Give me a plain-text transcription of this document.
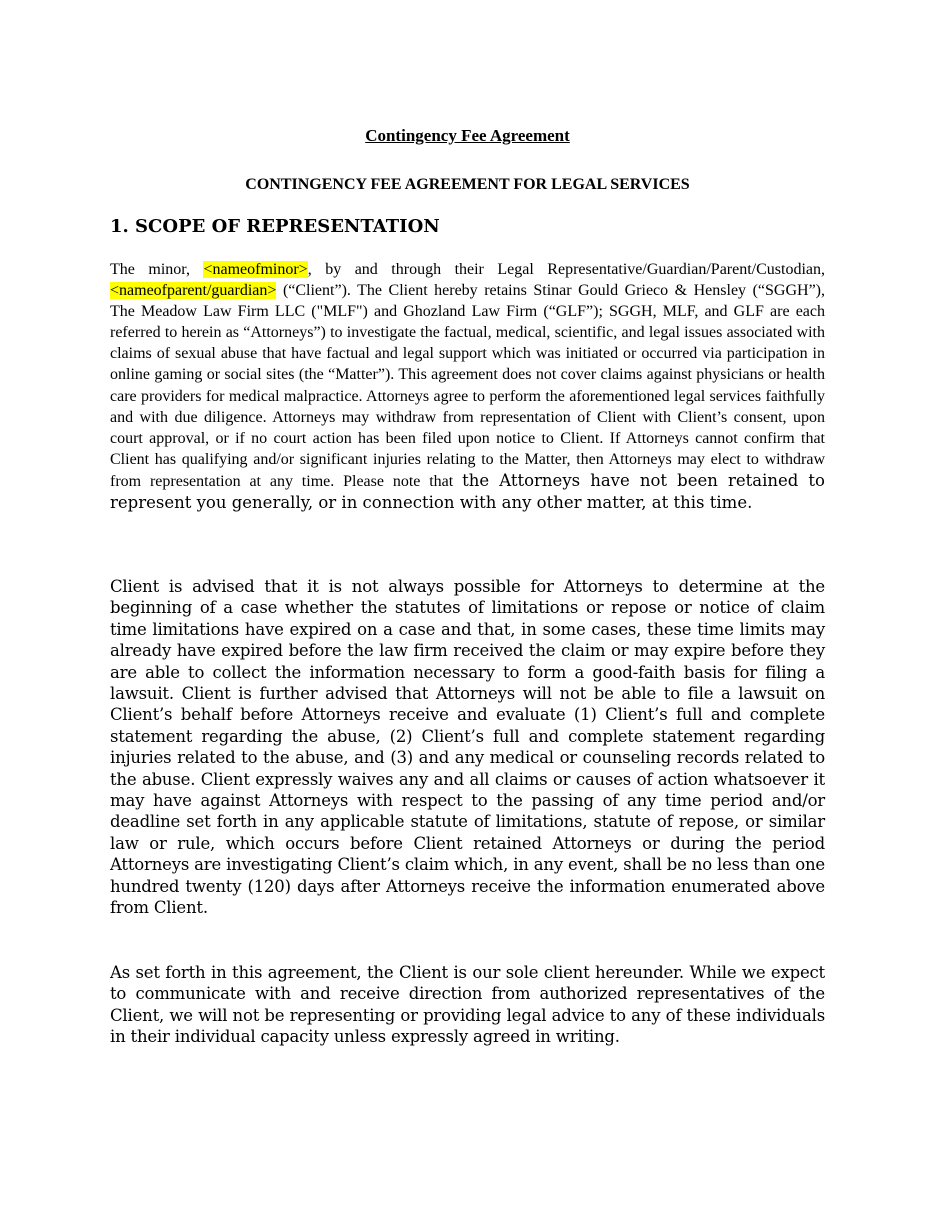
Contingency Fee Agreement
CONTINGENCY FEE AGREEMENT FOR LEGAL SERVICES
1. SCOPE OF REPRESENTATION

The minor, <nameofminor>, by and through their Legal Representative/Guardian/Parent/Custodian, <nameofparent/guardian> (“Client”). The Client hereby retains Stinar Gould Grieco & Hensley (“SGGH”), The Meadow Law Firm LLC ("MLF") and Ghozland Law Firm (“GLF”); SGGH, MLF, and GLF are each referred to herein as “Attorneys”) to investigate the factual, medical, scientific, and legal issues associated with claims of sexual abuse that have factual and legal support which was initiated or occurred via participation in online gaming or social sites (the “Matter”). This agreement does not cover claims against physicians or health care providers for medical malpractice. Attorneys agree to perform the aforementioned legal services faithfully and with due diligence. Attorneys may withdraw from representation of Client with Client’s consent, upon court approval, or if no court action has been filed upon notice to Client. If Attorneys cannot confirm that Client has qualifying and/or significant injuries relating to the Matter, then Attorneys may elect to withdraw from representation at any time. Please note that the Attorneys have not been retained to represent you generally, or in connection with any other matter, at this time.

Client is advised that it is not always possible for Attorneys to determine at the beginning of a case whether the statutes of limitations or repose or notice of claim time limitations have expired on a case and that, in some cases, these time limits may already have expired before the law firm received the claim or may expire before they are able to collect the information necessary to form a good-faith basis for filing a lawsuit. Client is further advised that Attorneys will not be able to file a lawsuit on Client’s behalf before Attorneys receive and evaluate (1) Client’s full and complete statement regarding the abuse, (2) Client’s full and complete statement regarding injuries related to the abuse, and (3) and any medical or counseling records related to the abuse. Client expressly waives any and all claims or causes of action whatsoever it may have against Attorneys with respect to the passing of any time period and/or deadline set forth in any applicable statute of limitations, statute of repose, or similar law or rule, which occurs before Client retained Attorneys or during the period Attorneys are investigating Client’s claim which, in any event, shall be no less than one hundred twenty (120) days after Attorneys receive the information enumerated above from Client.

As set forth in this agreement, the Client is our sole client hereunder. While we expect to communicate with and receive direction from authorized representatives of the Client, we will not be representing or providing legal advice to any of these individuals in their individual capacity unless expressly agreed in writing.
